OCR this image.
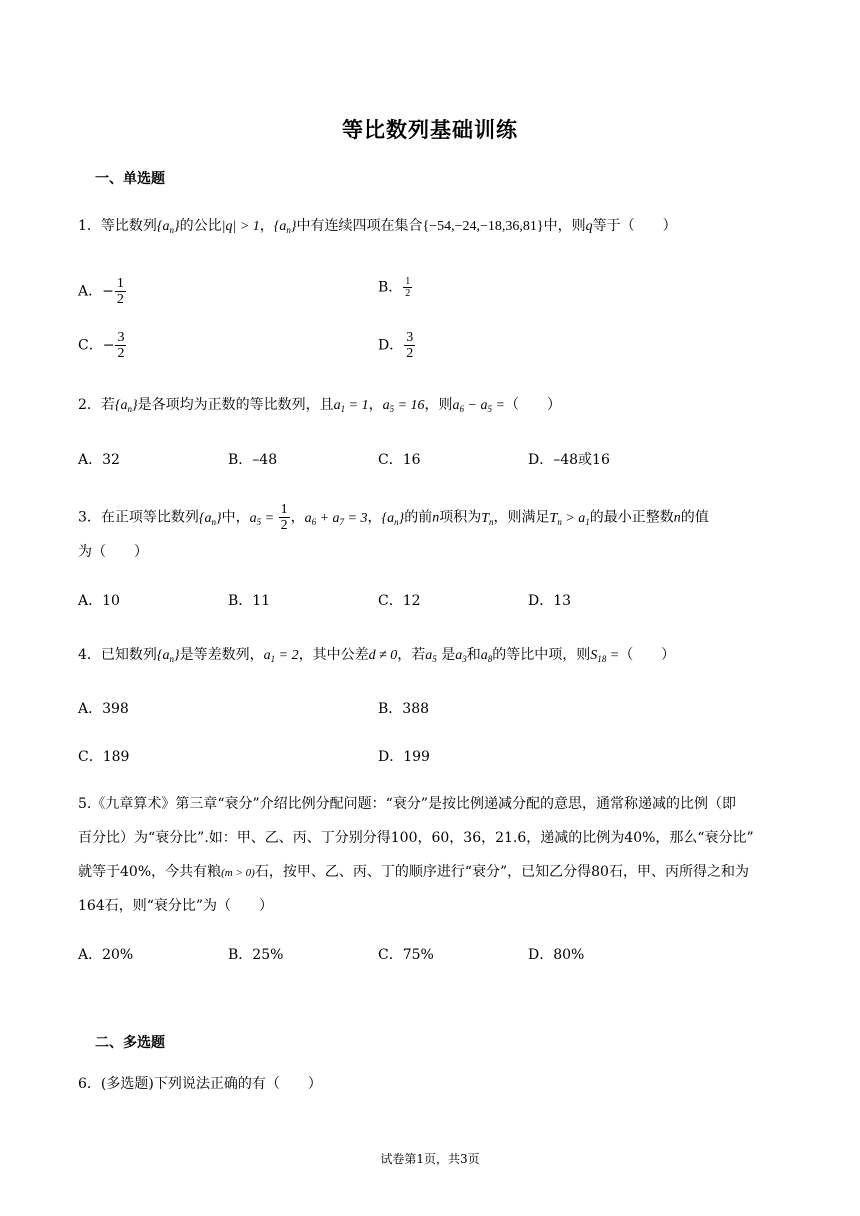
等比数列基础训练
一、单选题
1．等比数列$\{a_n\}$的公比|q| > 1，$\{a_n\}$中有连续四项在集合{−54,−24,−18,36,81}中，则q等于（　　）
A．− $\frac{1}{2}$	B． $\frac{1}{2}$
C．− $\frac{3}{2}$	D． $\frac{3}{2}$
2．若$\{a_n\}$是各项均为正数的等比数列，且$a_1 = 1$，$a_5 = 16$，则$a_6 - a_5$ =（　　）
A．32	B．–48	C．16	D．–48或16
3．在正项等比数列$\{a_n\}$中，$a_5 = \frac{1}{2}$ ，$a_6 + a_7 = 3$，$\{a_n\}$的前n项积为$T_n$，则满足$T_n > a_1$的最小正整数n的值
为（　　）
A．10	B．11	C．12	D．13
4．已知数列$\{a_n\}$是等差数列，$a_1 = 2$，其中公差d ≠ 0，若$a_5$ 是$a_3$和$a_8$的等比中项，则$S_{18}$ =（　　）
A．398	B．388
C．189	D．199
5.《九章算术》第三章“衰分”介绍比例分配问题：“衰分”是按比例递减分配的意思，通常称递减的比例（即
百分比）为“衰分比”.如：甲、乙、丙、丁分别分得100，60，36，21.6，递减的比例为40%，那么“衰分比”
就等于40%，今共有粮(m > 0)石，按甲、乙、丙、丁的顺序进行“衰分”，已知乙分得80石，甲、丙所得之和为
164石，则“衰分比”为（　　）
A．20%	B．25%	C．75%	D．80%
二、多选题
6．(多选题)下列说法正确的有（　　）
试卷第1页，共3页
